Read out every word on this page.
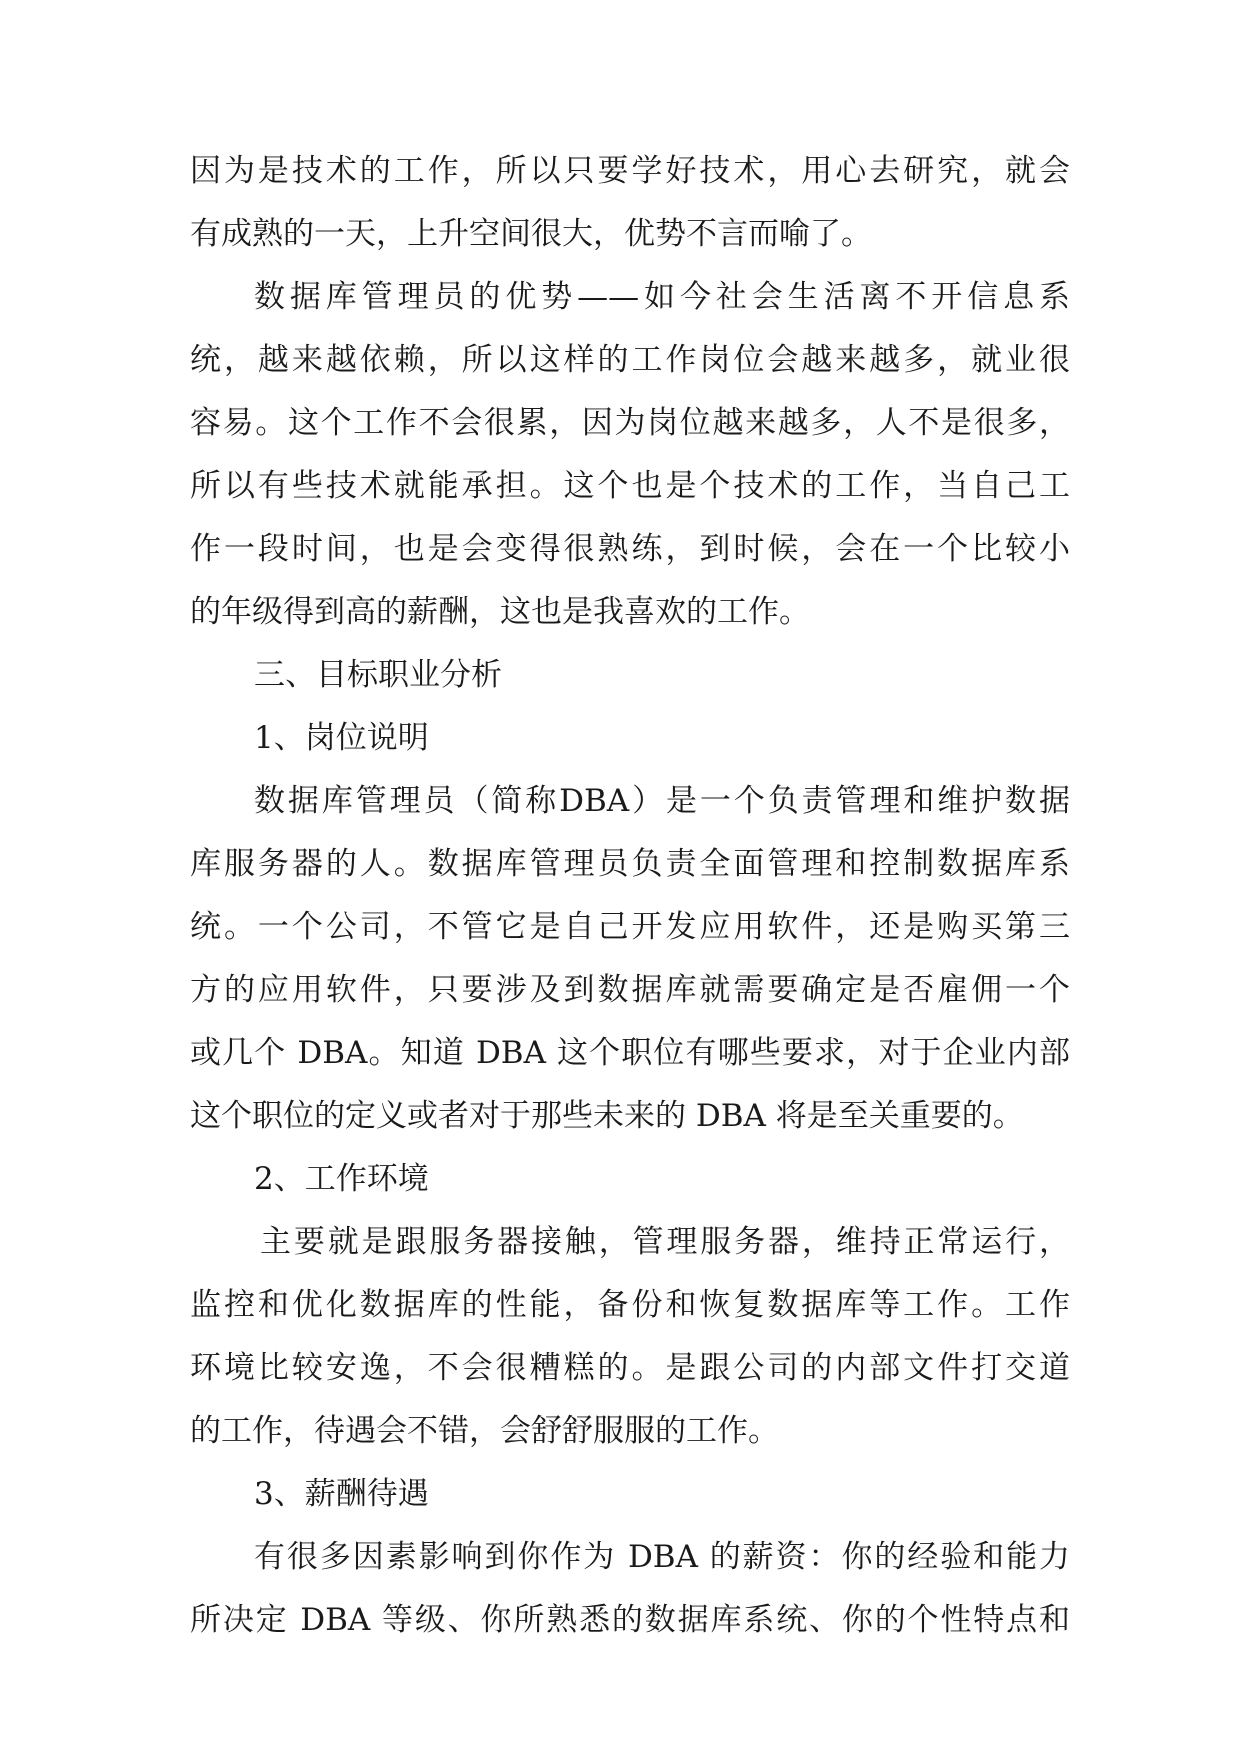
因为是技术的工作，所以只要学好技术，用心去研究，就会
有成熟的一天，上升空间很大，优势不言而喻了。
数据库管理员的优势——如今社会生活离不开信息系
统，越来越依赖，所以这样的工作岗位会越来越多，就业很
容易。这个工作不会很累，因为岗位越来越多，人不是很多，
所以有些技术就能承担。这个也是个技术的工作，当自己工
作一段时间，也是会变得很熟练，到时候，会在一个比较小
的年级得到高的薪酬，这也是我喜欢的工作。
三、目标职业分析
1、岗位说明
数据库管理员（简称DBA）是一个负责管理和维护数据
库服务器的人。数据库管理员负责全面管理和控制数据库系
统。一个公司，不管它是自己开发应用软件，还是购买第三
方的应用软件，只要涉及到数据库就需要确定是否雇佣一个
或几个 DBA。知道 DBA 这个职位有哪些要求，对于企业内部
这个职位的定义或者对于那些未来的 DBA 将是至关重要的。
2、工作环境
主要就是跟服务器接触，管理服务器，维持正常运行，
监控和优化数据库的性能，备份和恢复数据库等工作。工作
环境比较安逸，不会很糟糕的。是跟公司的内部文件打交道
的工作，待遇会不错，会舒舒服服的工作。
3、薪酬待遇
有很多因素影响到你作为 DBA 的薪资：你的经验和能力
所决定 DBA 等级、你所熟悉的数据库系统、你的个性特点和
